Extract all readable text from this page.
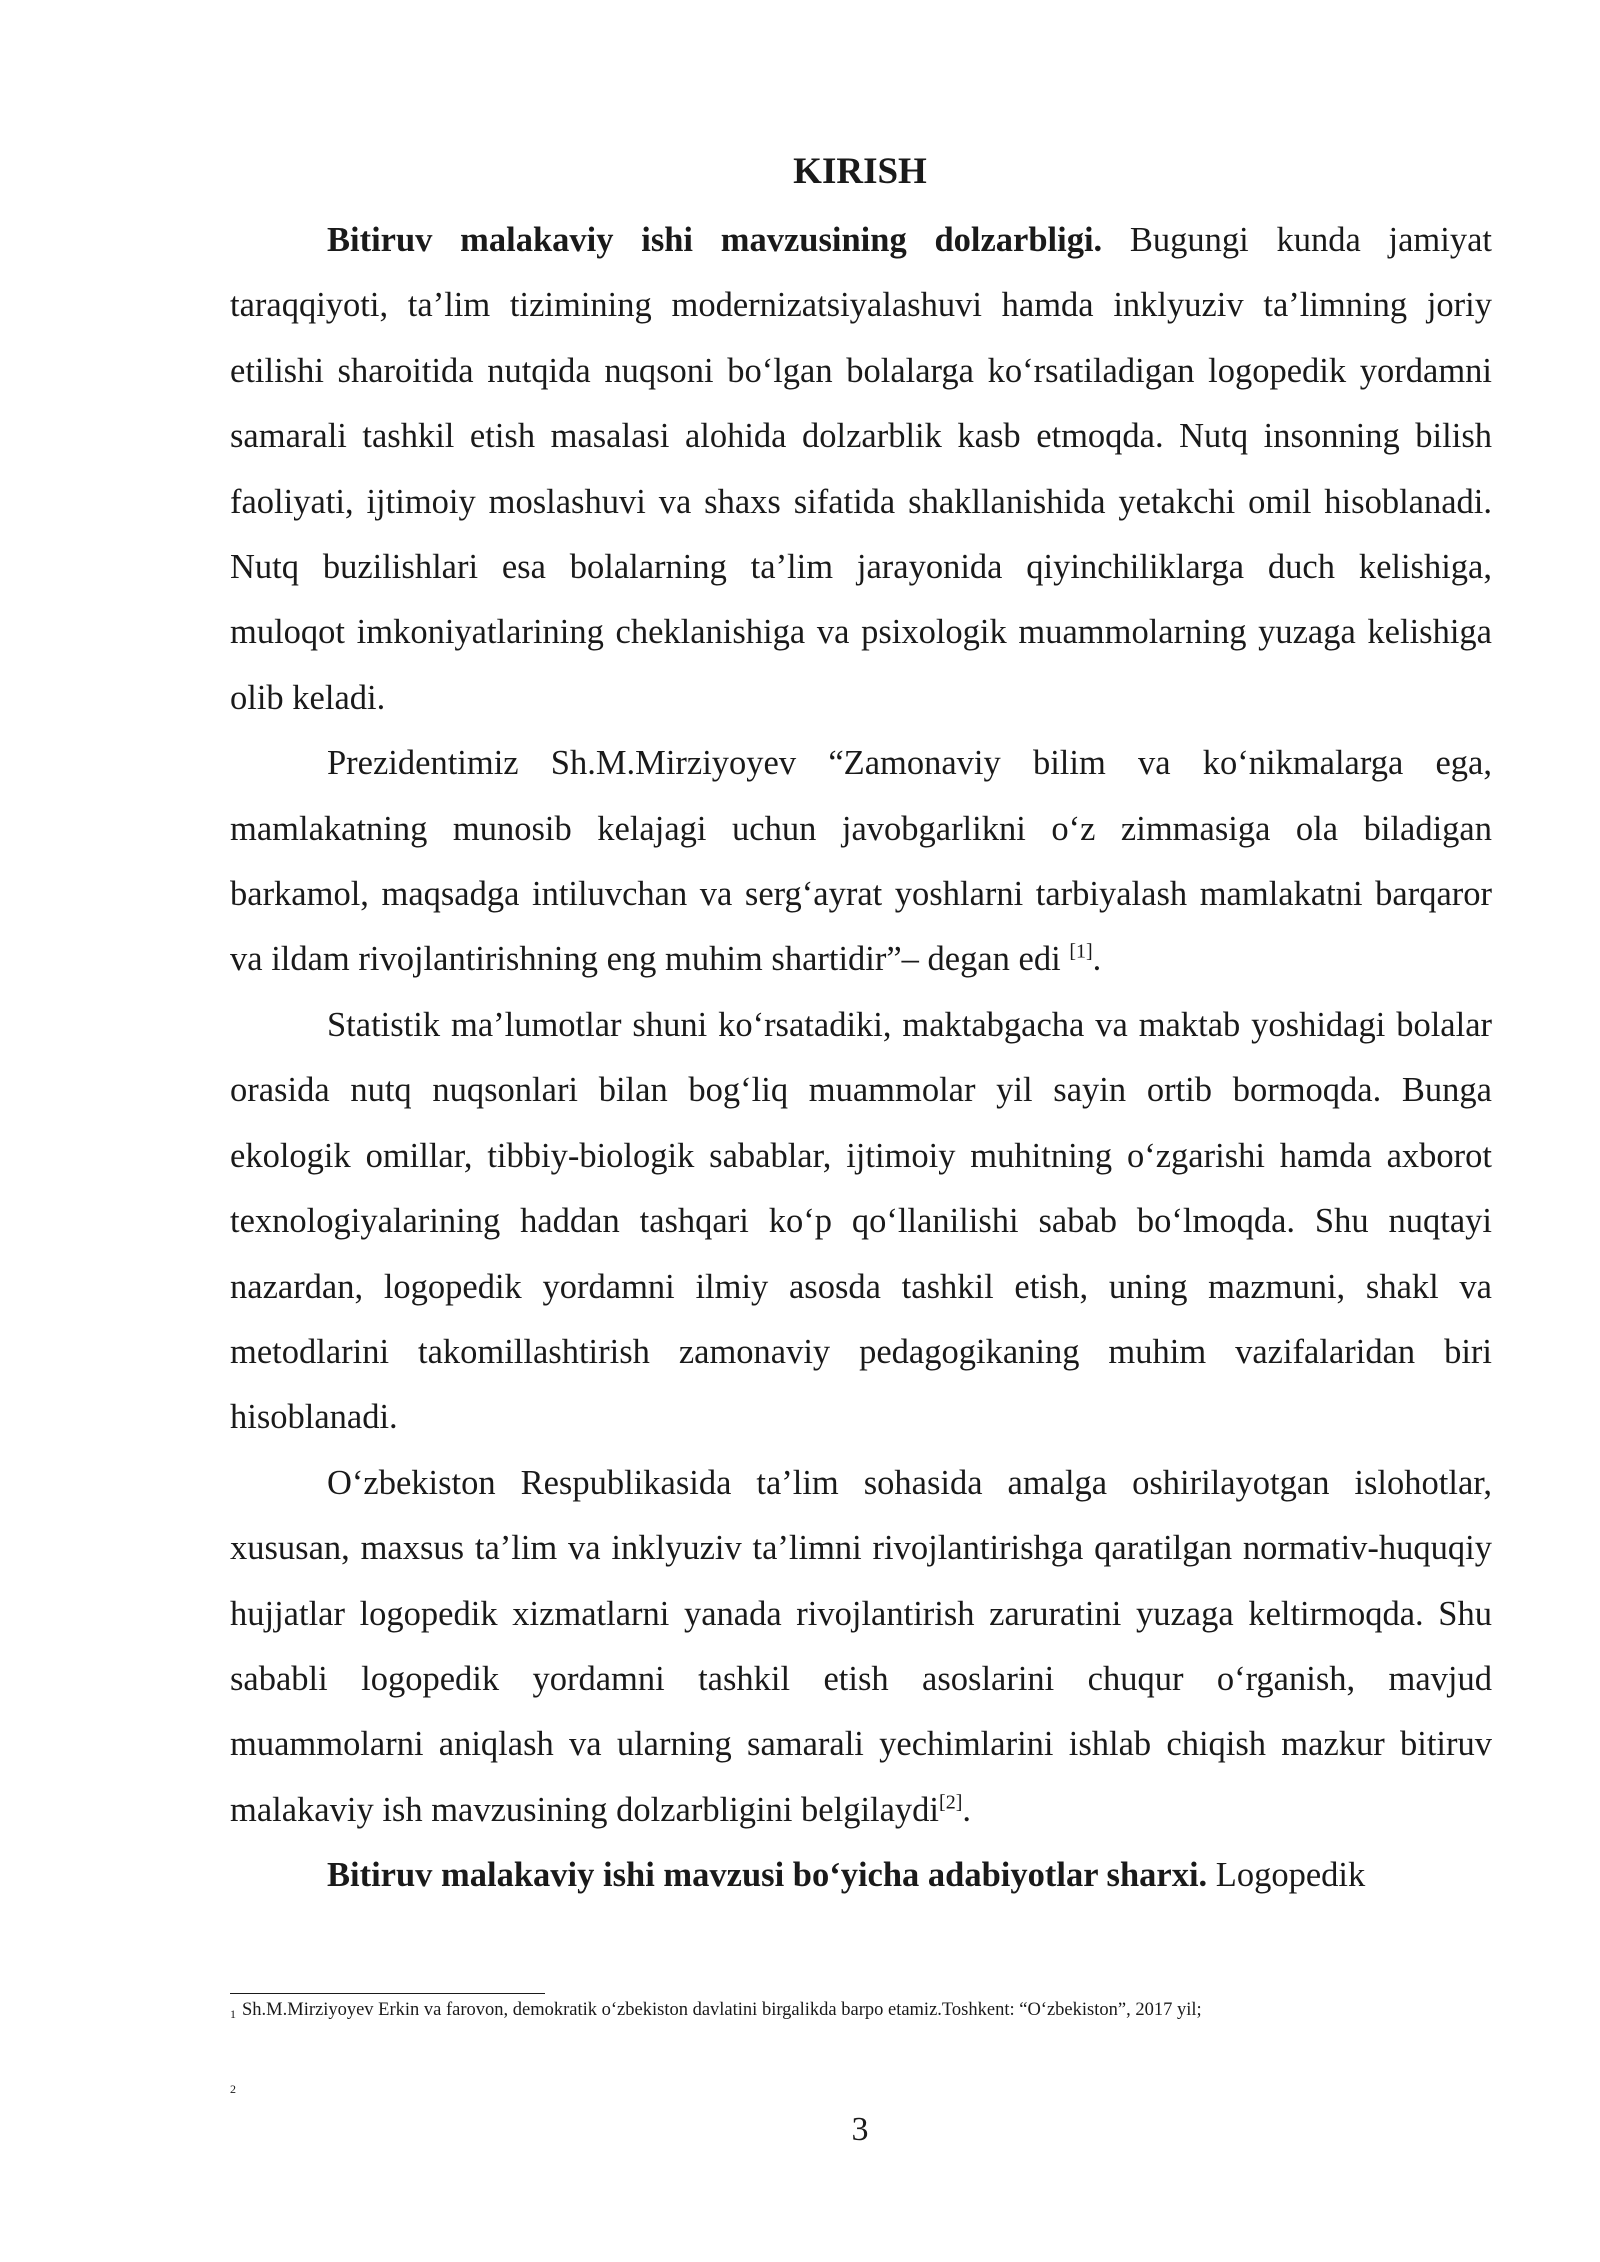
KIRISH

Bitiruv malakaviy ishi mavzusining dolzarbligi. Bugungi kunda jamiyat taraqqiyoti, ta’lim tizimining modernizatsiyalashuvi hamda inklyuziv ta’limning joriy etilishi sharoitida nutqida nuqsoni bo‘lgan bolalarga ko‘rsatiladigan logopedik yordamni samarali tashkil etish masalasi alohida dolzarblik kasb etmoqda. Nutq insonning bilish faoliyati, ijtimoiy moslashuvi va shaxs sifatida shakllanishida yetakchi omil hisoblanadi. Nutq buzilishlari esa bolalarning ta’lim jarayonida qiyinchiliklarga duch kelishiga, muloqot imkoniyatlarining cheklanishiga va psixologik muammolarning yuzaga kelishiga olib keladi.

Prezidentimiz Sh.M.Mirziyoyev “Zamonaviy bilim va ko‘nikmalarga ega, mamlakatning munosib kelajagi uchun javobgarlikni o‘z zimmasiga ola biladigan barkamol, maqsadga intiluvchan va serg‘ayrat yoshlarni tarbiyalash mamlakatni barqaror va ildam rivojlantirishning eng muhim shartidir”– degan edi [1].

Statistik ma’lumotlar shuni ko‘rsatadiki, maktabgacha va maktab yoshidagi bolalar orasida nutq nuqsonlari bilan bog‘liq muammolar yil sayin ortib bormoqda. Bunga ekologik omillar, tibbiy-biologik sabablar, ijtimoiy muhitning o‘zgarishi hamda axborot texnologiyalarining haddan tashqari ko‘p qo‘llanilishi sabab bo‘lmoqda. Shu nuqtayi nazardan, logopedik yordamni ilmiy asosda tashkil etish, uning mazmuni, shakl va metodlarini takomillashtirish zamonaviy pedagogikaning muhim vazifalaridan biri hisoblanadi.

O‘zbekiston Respublikasida ta’lim sohasida amalga oshirilayotgan islohotlar, xususan, maxsus ta’lim va inklyuziv ta’limni rivojlantirishga qaratilgan normativ-huquqiy hujjatlar logopedik xizmatlarni yanada rivojlantirish zaruratini yuzaga keltirmoqda. Shu sababli logopedik yordamni tashkil etish asoslarini chuqur o‘rganish, mavjud muammolarni aniqlash va ularning samarali yechimlarini ishlab chiqish mazkur bitiruv malakaviy ish mavzusining dolzarbligini belgilaydi[2].

Bitiruv malakaviy ishi mavzusi bo‘yicha adabiyotlar sharxi. Logopedik

1 Sh.M.Mirziyoyev Erkin va farovon, demokratik o‘zbekiston davlatini birgalikda barpo etamiz.Toshkent: “O‘zbekiston”, 2017 yil;
2
3
